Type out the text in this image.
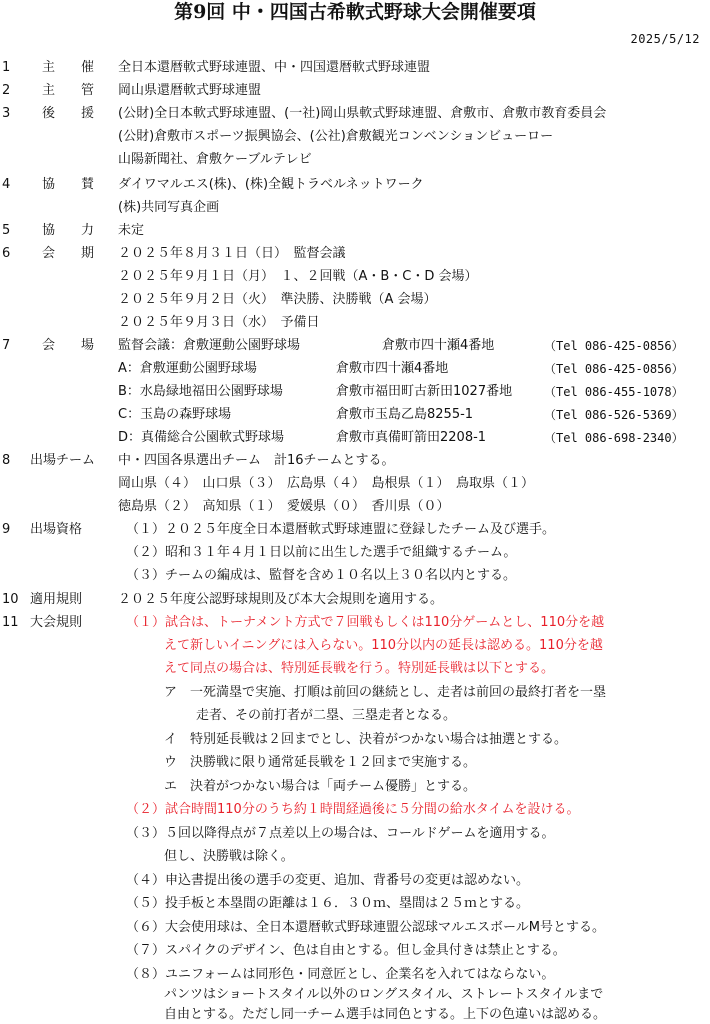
第9回 中・四国古希軟式野球大会開催要項
2025/5/12
1	主　　催 全日本還暦軟式野球連盟、中・四国還暦軟式野球連盟
2	主　　管 岡山県還暦軟式野球連盟
3	後　　援 (公財)全日本軟式野球連盟、(一社)岡山県軟式野球連盟、倉敷市、倉敷市教育委員会
(公財)倉敷市スポーツ振興協会、(公社)倉敷観光コンベンションビューロー
山陽新聞社、倉敷ケーブルテレビ
4	協　　賛 ダイワマルエス(株)、(株)全観トラベルネットワーク
(株)共同写真企画
5	協　　力 未定
6	会　　期 ２０２５年８月３１日（日）　監督会議
２０２５年９月１日（月）　１、２回戦（A・B・C・D 会場）
２０２５年９月２日（火）　準決勝、決勝戦（A 会場）
２０２５年９月３日（水）　予備日
7	会　　場 監督会議：倉敷運動公園野球場	倉敷市四十瀬4番地	（Tel 086-425-0856）
A：倉敷運動公園野球場	倉敷市四十瀬4番地	（Tel 086-425-0856）
B：水島緑地福田公園野球場	倉敷市福田町古新田1027番地	（Tel 086-455-1078）
C：玉島の森野球場	倉敷市玉島乙島8255-1	（Tel 086-526-5369）
D：真備総合公園軟式野球場	倉敷市真備町箭田2208-1	（Tel 086-698-2340）
8	出場チーム 中・四国各県選出チーム　計16チームとする。
岡山県（４）　山口県（３）　広島県（４）　島根県（１）　鳥取県（１）
徳島県（２）　高知県（１）　愛媛県（０）　香川県（０）
9	出場資格	（１）２０２５年度全日本還暦軟式野球連盟に登録したチーム及び選手。
（２）昭和３１年４月１日以前に出生した選手で組織するチーム。
（３）チームの編成は、監督を含め１０名以上３０名以内とする。
10 適用規則	２０２５年度公認野球規則及び本大会規則を適用する。
11 大会規則	（１）試合は、トーナメント方式で７回戦もしくは110分ゲームとし、110分を越
えて新しいイニングには入らない。110分以内の延長は認める。110分を越
えて同点の場合は、特別延長戦を行う。特別延長戦は以下とする。
ア　一死満塁で実施、打順は前回の継続とし、走者は前回の最終打者を一塁
走者、その前打者が二塁、三塁走者となる。
イ　特別延長戦は２回までとし、決着がつかない場合は抽選とする。
ウ　決勝戦に限り通常延長戦を１２回まで実施する。
エ　決着がつかない場合は「両チーム優勝」とする。
（２）試合時間110分のうち約１時間経過後に５分間の給水タイムを設ける。
（３）５回以降得点が７点差以上の場合は、コールドゲームを適用する。
但し、決勝戦は除く。
（４）申込書提出後の選手の変更、追加、背番号の変更は認めない。
（５）投手板と本塁間の距離は１６．３０ｍ、塁間は２５ｍとする。
（６）大会使用球は、全日本還暦軟式野球連盟公認球マルエスボールM号とする。
（７）スパイクのデザイン、色は自由とする。但し金具付きは禁止とする。
（８）ユニフォームは同形色・同意匠とし、企業名を入れてはならない。
パンツはショートスタイル以外のロングスタイル、ストレートスタイルまで
自由とする。ただし同一チーム選手は同色とする。上下の色違いは認める。
